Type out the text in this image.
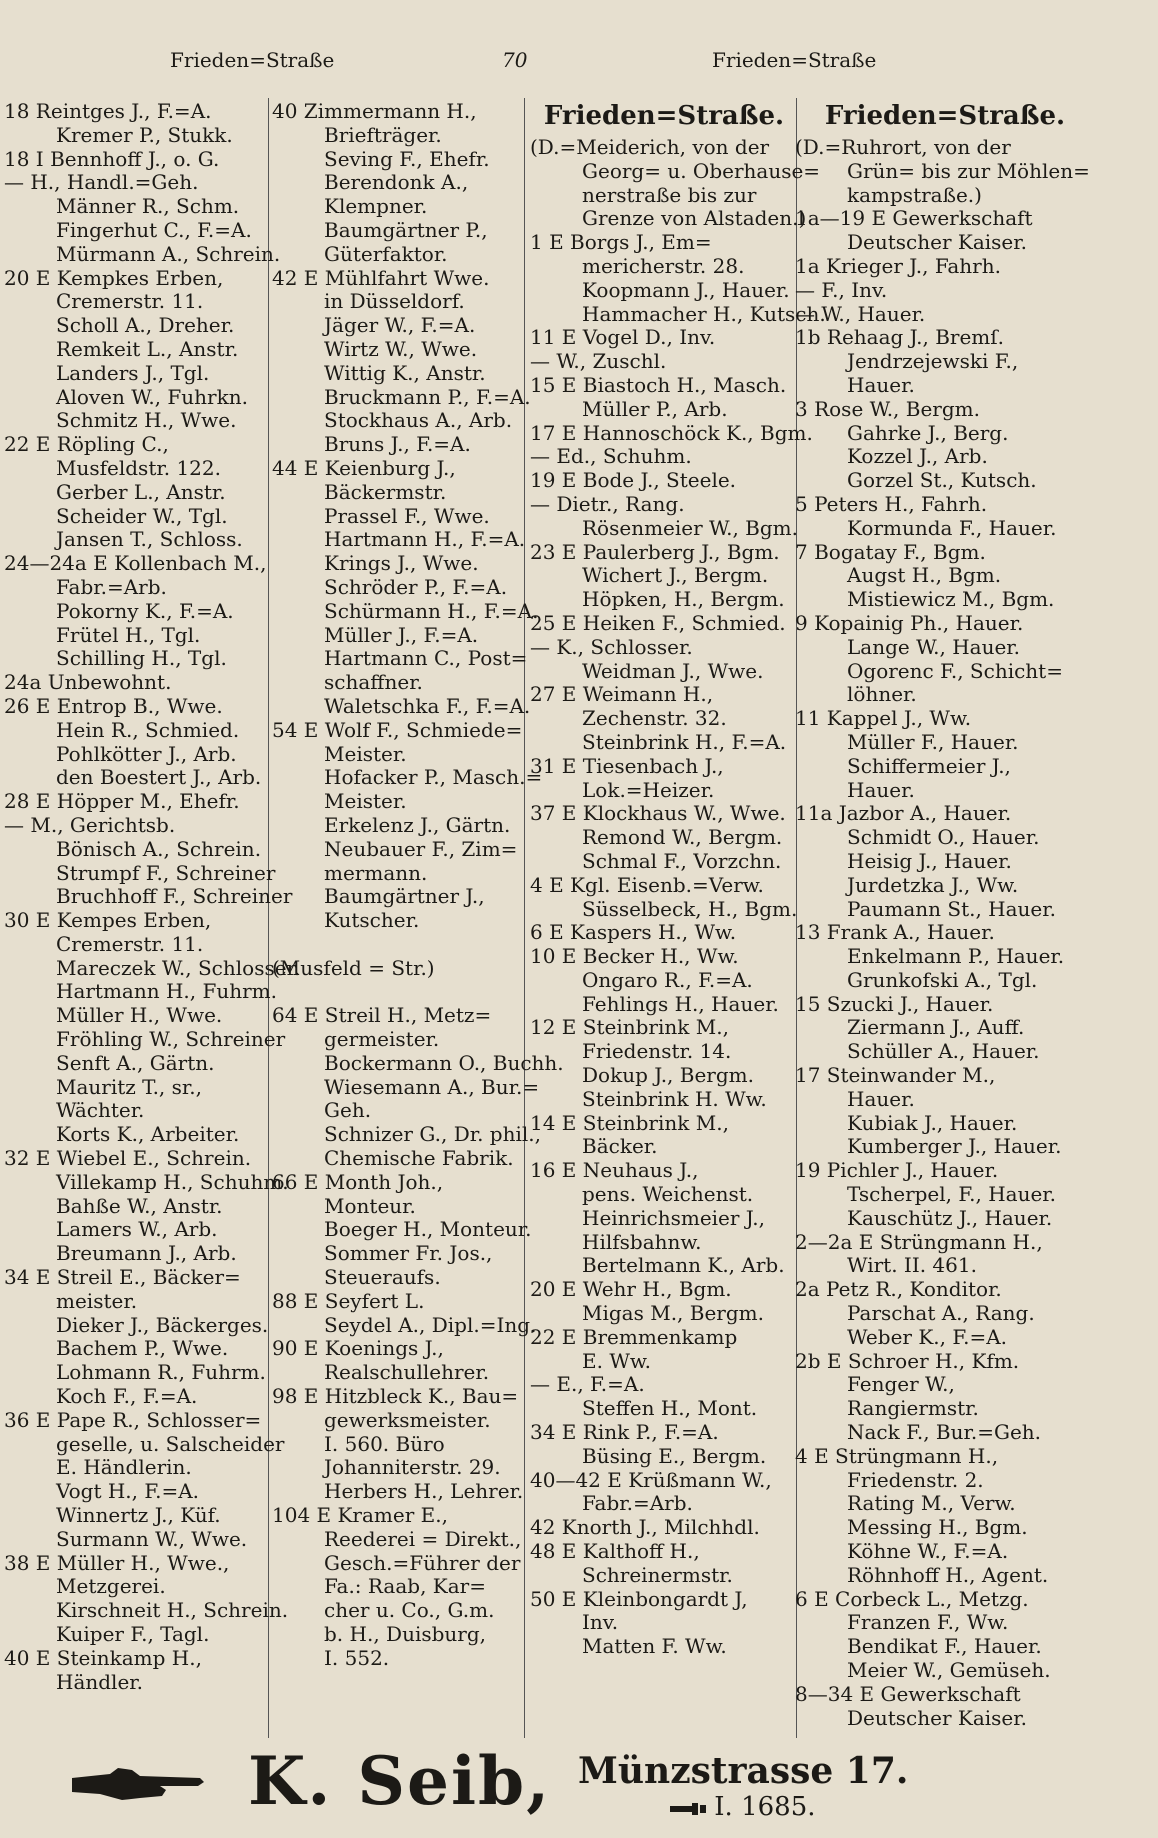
Frieden=Straße	70	Frieden=Straße
18 Reintges J., F.=A.
Kremer P., Stukk.
18 I Bennhoff J., o. G.
— H., Handl.=Geh.
Männer R., Schm.
Fingerhut C., F.=A.
Mürmann A., Schrein.
20 E Kempkes Erben,
Cremerstr. 11.
Scholl A., Dreher.
Remkeit L., Anstr.
Landers J., Tgl.
Aloven W., Fuhrkn.
Schmitz H., Wwe.
22 E Röpling C.,
Musfeldstr. 122.
Gerber L., Anstr.
Scheider W., Tgl.
Jansen T., Schloss.
24—24a E Kollenbach M.,
Fabr.=Arb.
Pokorny K., F.=A.
Frütel H., Tgl.
Schilling H., Tgl.
24a Unbewohnt.
26 E Entrop B., Wwe.
Hein R., Schmied.
Pohlkötter J., Arb.
den Boestert J., Arb.
28 E Höpper M., Ehefr.
— M., Gerichtsb.
Bönisch A., Schrein.
Strumpf F., Schreiner
Bruchhoff F., Schreiner
30 E Kempes Erben,
Cremerstr. 11.
Mareczek W., Schlosser.
Hartmann H., Fuhrm.
Müller H., Wwe.
Fröhling W., Schreiner
Senft A., Gärtn.
Mauritz T., sr.,
Wächter.
Korts K., Arbeiter.
32 E Wiebel E., Schrein.
Villekamp H., Schuhm.
Bahße W., Anstr.
Lamers W., Arb.
Breumann J., Arb.
34 E Streil E., Bäcker=
meister.
Dieker J., Bäckerges.
Bachem P., Wwe.
Lohmann R., Fuhrm.
Koch F., F.=A.
36 E Pape R., Schlosser=
geselle, u. Salscheider
E. Händlerin.
Vogt H., F.=A.
Winnertz J., Küf.
Surmann W., Wwe.
38 E Müller H., Wwe.,
Metzgerei.
Kirschneit H., Schrein.
Kuiper F., Tagl.
40 E Steinkamp H.,
Händler.
40 Zimmermann H.,
Briefträger.
Seving F., Ehefr.
Berendonk A.,
Klempner.
Baumgärtner P.,
Güterfaktor.
42 E Mühlfahrt Wwe.
in Düsseldorf.
Jäger W., F.=A.
Wirtz W., Wwe.
Wittig K., Anstr.
Bruckmann P., F.=A.
Stockhaus A., Arb.
Bruns J., F.=A.
44 E Keienburg J.,
Bäckermstr.
Prassel F., Wwe.
Hartmann H., F.=A.
Krings J., Wwe.
Schröder P., F.=A.
Schürmann H., F.=A.
Müller J., F.=A.
Hartmann C., Post=
schaffner.
Waletschka F., F.=A.
54 E Wolf F., Schmiede=
Meister.
Hofacker P., Masch.=
Meister.
Erkelenz J., Gärtn.
Neubauer F., Zim=
mermann.
Baumgärtner J.,
Kutscher.

(Musfeld = Str.)

64 E Streil H., Metz=
germeister.
Bockermann O., Buchh.
Wiesemann A., Bur.=
Geh.
Schnizer G., Dr. phil.,
Chemische Fabrik.
66 E Month Joh.,
Monteur.
Boeger H., Monteur.
Sommer Fr. Jos.,
Steueraufs.
88 E Seyfert L.
Seydel A., Dipl.=Ing.
90 E Koenings J.,
Realschullehrer.
98 E Hitzbleck K., Bau=
gewerksmeister.
I. 560. Büro
Johanniterstr. 29.
Herbers H., Lehrer.
104 E Kramer E.,
Reederei = Direkt.,
Gesch.=Führer der
Fa.: Raab, Kar=
cher u. Co., G.m.
b. H., Duisburg,
I. 552.
Frieden=Straße.
(D.=Meiderich, von der
Georg= u. Oberhause=
nerstraße bis zur
Grenze von Alstaden.)
1 E Borgs J., Em=
mericherstr. 28.
Koopmann J., Hauer.
Hammacher H., Kutsch.
11 E Vogel D., Inv.
— W., Zuschl.
15 E Biastoch H., Masch.
Müller P., Arb.
17 E Hannoschöck K., Bgm.
— Ed., Schuhm.
19 E Bode J., Steele.
— Dietr., Rang.
Rösenmeier W., Bgm.
23 E Paulerberg J., Bgm.
Wichert J., Bergm.
Höpken, H., Bergm.
25 E Heiken F., Schmied.
— K., Schlosser.
Weidman J., Wwe.
27 E Weimann H.,
Zechenstr. 32.
Steinbrink H., F.=A.
31 E Tiesenbach J.,
Lok.=Heizer.
37 E Klockhaus W., Wwe.
Remond W., Bergm.
Schmal F., Vorzchn.
4 E Kgl. Eisenb.=Verw.
Süsselbeck, H., Bgm.
6 E Kaspers H., Ww.
10 E Becker H., Ww.
Ongaro R., F.=A.
Fehlings H., Hauer.
12 E Steinbrink M.,
Friedenstr. 14.
Dokup J., Bergm.
Steinbrink H. Ww.
14 E Steinbrink M.,
Bäcker.
16 E Neuhaus J.,
pens. Weichenst.
Heinrichsmeier J.,
Hilfsbahnw.
Bertelmann K., Arb.
20 E Wehr H., Bgm.
Migas M., Bergm.
22 E Bremmenkamp
E. Ww.
— E., F.=A.
Steffen H., Mont.
34 E Rink P., F.=A.
Büsing E., Bergm.
40—42 E Krüßmann W.,
Fabr.=Arb.
42 Knorth J., Milchhdl.
48 E Kalthoff H.,
Schreinermstr.
50 E Kleinbongardt J,
Inv.
Matten F. Ww.
Frieden=Straße.
(D.=Ruhrort, von der
Grün= bis zur Möhlen=
kampstraße.)
1a—19 E Gewerkschaft
Deutscher Kaiser.
1a Krieger J., Fahrh.
— F., Inv.
— W., Hauer.
1b Rehaag J., Bremſ.
Jendrzejewski F.,
Hauer.
3 Rose W., Bergm.
Gahrke J., Berg.
Kozzel J., Arb.
Gorzel St., Kutsch.
5 Peters H., Fahrh.
Kormunda F., Hauer.
7 Bogatay F., Bgm.
Augst H., Bgm.
Mistiewicz M., Bgm.
9 Kopainig Ph., Hauer.
Lange W., Hauer.
Ogorenc F., Schicht=
löhner.
11 Kappel J., Ww.
Müller F., Hauer.
Schiffermeier J.,
Hauer.
11a Jazbor A., Hauer.
Schmidt O., Hauer.
Heisig J., Hauer.
Jurdetzka J., Ww.
Paumann St., Hauer.
13 Frank A., Hauer.
Enkelmann P., Hauer.
Grunkofski A., Tgl.
15 Szucki J., Hauer.
Ziermann J., Auff.
Schüller A., Hauer.
17 Steinwander M.,
Hauer.
Kubiak J., Hauer.
Kumberger J., Hauer.
19 Pichler J., Hauer.
Tscherpel, F., Hauer.
Kauschütz J., Hauer.
2—2a E Strüngmann H.,
Wirt. II. 461.
2a Petz R., Konditor.
Parschat A., Rang.
Weber K., F.=A.
2b E Schroer H., Kfm.
Fenger W.,
Rangiermstr.
Nack F., Bur.=Geh.
4 E Strüngmann H.,
Friedenstr. 2.
Rating M., Verw.
Messing H., Bgm.
Köhne W., F.=A.
Röhnhoff H., Agent.
6 E Corbeck L., Metzg.
Franzen F., Ww.
Bendikat F., Hauer.
Meier W., Gemüseh.
8—34 E Gewerkschaft
Deutscher Kaiser.
K. Seib, Münzstrasse 17.
I. 1685.
